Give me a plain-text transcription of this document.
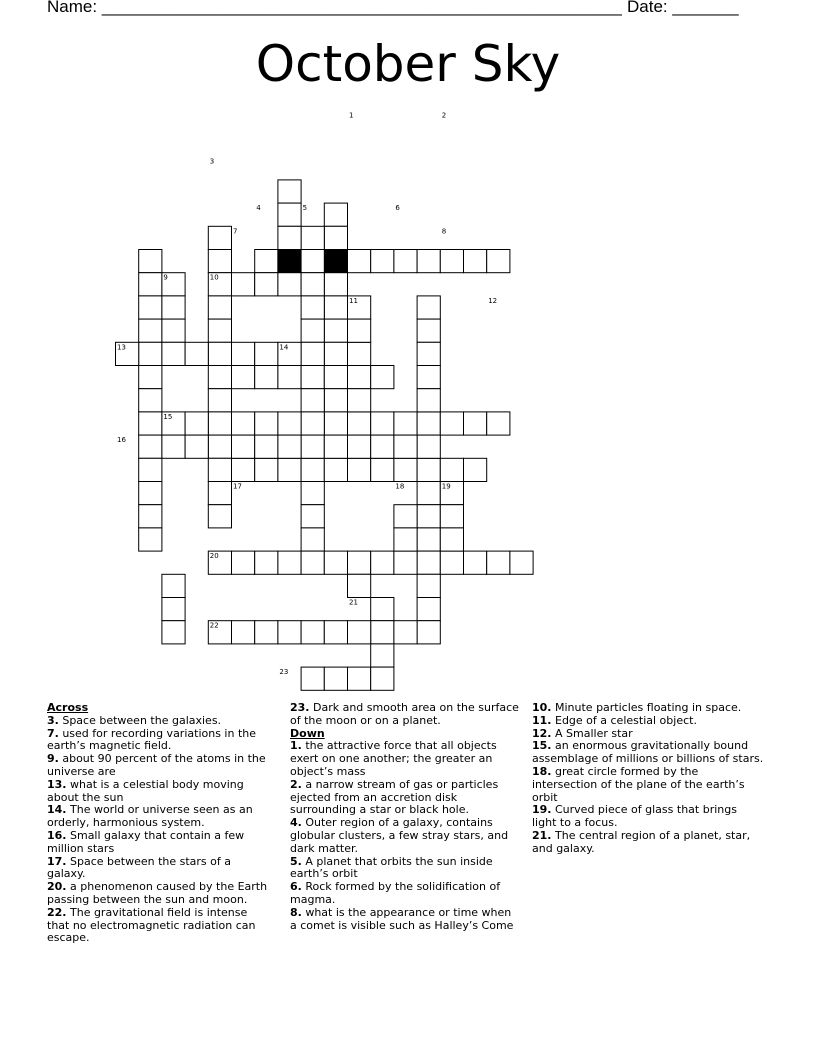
Name: _______________________________________________________ Date: _______
October Sky
1	2
3
4	5	6
7	8
9	10
11	12
13	14
15
16
17	18	19
20
21
22
23

Across

3. Space between the galaxies.

7. used for recording variations in the earth’s magnetic field.

9. about 90 percent of the atoms in the universe are

13. what is a celestial body moving about the sun

14. The world or universe seen as an orderly, harmonious system.

16. Small galaxy that contain a few million stars

17. Space between the stars of a galaxy.

20. a phenomenon caused by the Earth passing between the sun and moon.

22. The gravitational field is intense that no electromagnetic radiation can escape.

23. Dark and smooth area on the surface of the moon or on a planet.

Down

1. the attractive force that all objects exert on one another; the greater an object’s mass

2. a narrow stream of gas or particles ejected from an accretion disk surrounding a star or black hole.

4. Outer region of a galaxy, contains globular clusters, a few stray stars, and dark matter.

5. A planet that orbits the sun inside earth’s orbit

6. Rock formed by the solidification of magma.

8. what is the appearance or time when a comet is visible such as Halley’s Come

10. Minute particles floating in space.

11. Edge of a celestial object.

12. A Smaller star

15. an enormous gravitationally bound assemblage of millions or billions of stars.

18. great circle formed by the intersection of the plane of the earth’s orbit

19. Curved piece of glass that brings light to a focus.

21. The central region of a planet, star, and galaxy.
